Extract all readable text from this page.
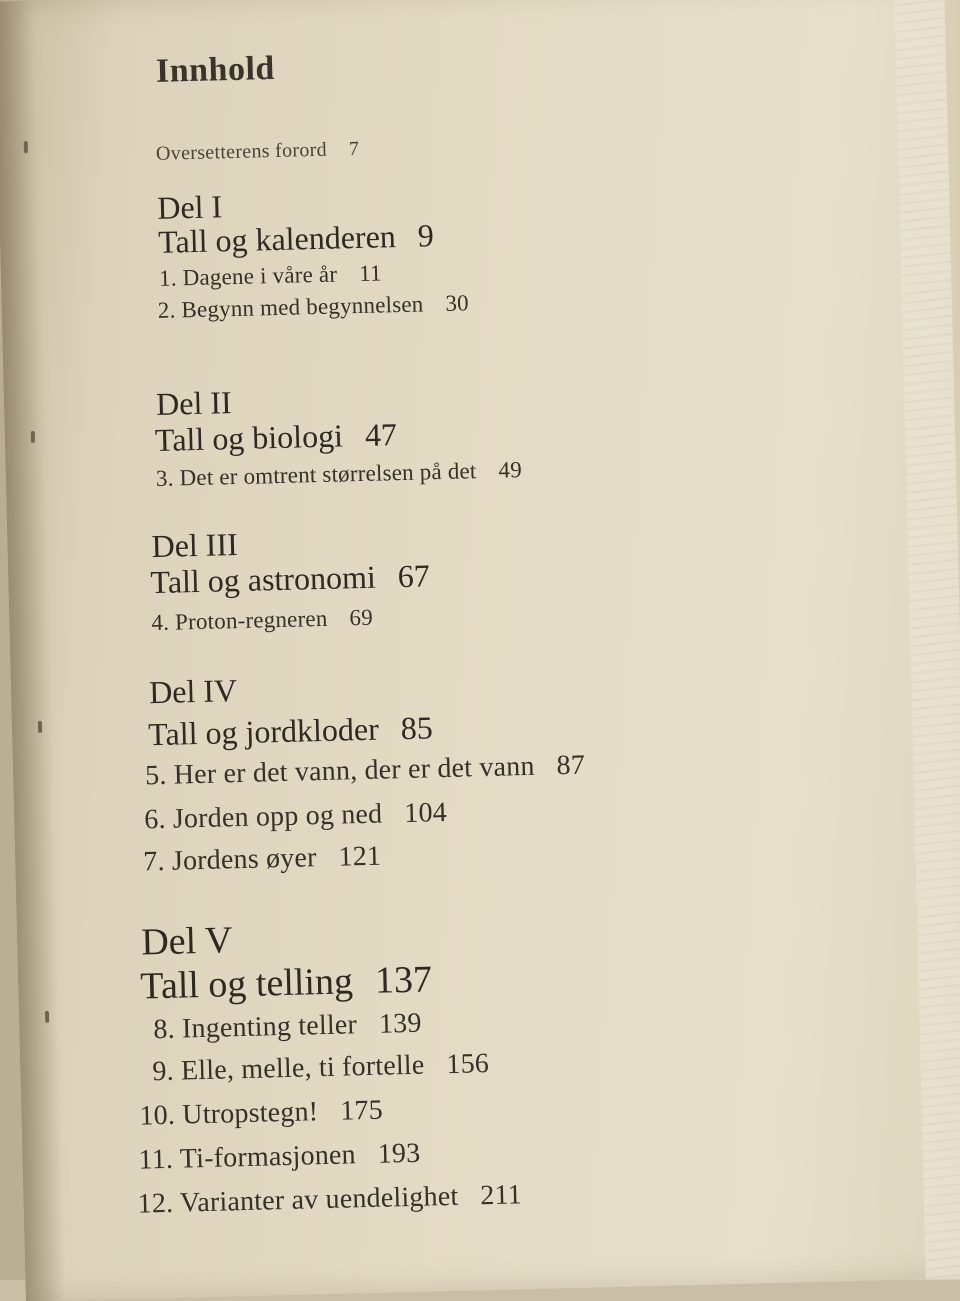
Innhold
Oversetterens forord 7
Del I
Tall og kalenderen 9
1. Dagene i våre år 11
2. Begynn med begynnelsen 30
Del II
Tall og biologi 47
3. Det er omtrent størrelsen på det 49
Del III
Tall og astronomi 67
4. Proton-regneren 69
Del IV
Tall og jordkloder 85
5. Her er det vann, der er det vann 87
6. Jorden opp og ned 104
7. Jordens øyer 121
Del V
Tall og telling 137
8. Ingenting teller 139
9. Elle, melle, ti fortelle 156
10. Utropstegn! 175
11. Ti-formasjonen 193
12. Varianter av uendelighet 211
